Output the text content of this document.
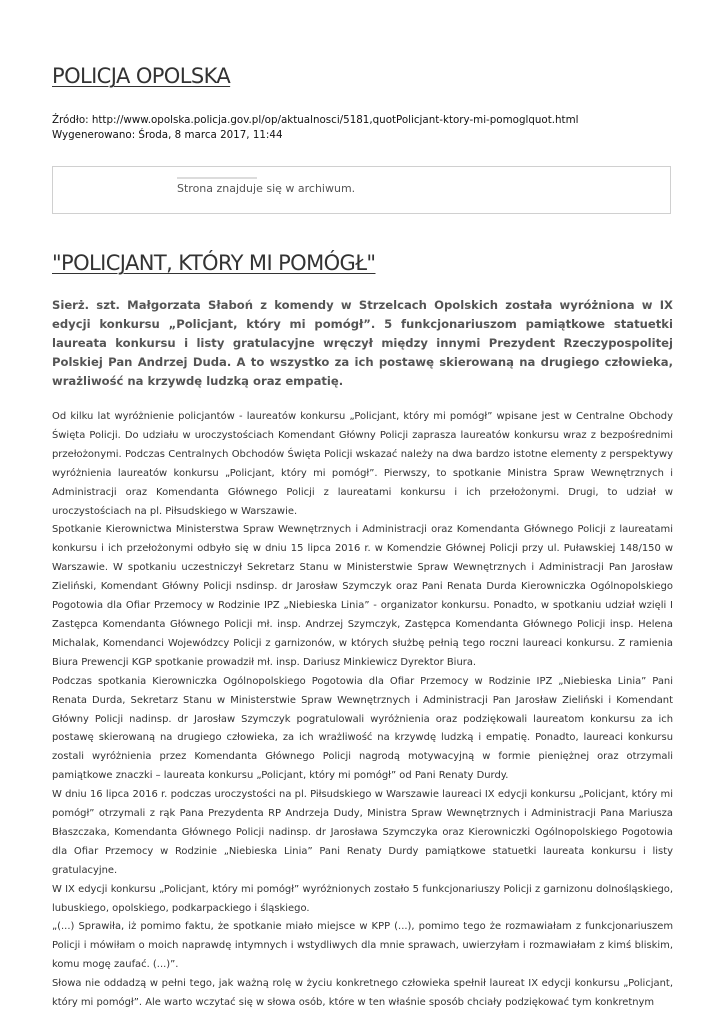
POLICJA OPOLSKA
Źródło: http://www.opolska.policja.gov.pl/op/aktualnosci/5181,quotPolicjant-ktory-mi-pomoglquot.html
Wygenerowano: Środa, 8 marca 2017, 11:44
Strona znajduje się w archiwum.
"POLICJANT, KTÓRY MI POMÓGŁ"

Sierż. szt. Małgorzata Słaboń z komendy w Strzelcach Opolskich została wyróżniona w IX edycji konkursu „Policjant, który mi pomógł”. 5 funkcjonariuszom pamiątkowe statuetki laureata konkursu i listy gratulacyjne wręczył między innymi Prezydent Rzeczypospolitej Polskiej Pan Andrzej Duda. A to wszystko za ich postawę skierowaną na drugiego człowieka, wrażliwość na krzywdę ludzką oraz empatię.

Od kilku lat wyróżnienie policjantów - laureatów konkursu „Policjant, który mi pomógł” wpisane jest w Centralne Obchody Święta Policji. Do udziału w uroczystościach Komendant Główny Policji zaprasza laureatów konkursu wraz z bezpośrednimi przełożonymi. Podczas Centralnych Obchodów Święta Policji wskazać należy na dwa bardzo istotne elementy z perspektywy wyróżnienia laureatów konkursu „Policjant, który mi pomógł”. Pierwszy, to spotkanie Ministra Spraw Wewnętrznych i Administracji oraz Komendanta Głównego Policji z laureatami konkursu i ich przełożonymi. Drugi, to udział w uroczystościach na pl. Piłsudskiego w Warszawie.

Spotkanie Kierownictwa Ministerstwa Spraw Wewnętrznych i Administracji oraz Komendanta Głównego Policji z laureatami konkursu i ich przełożonymi odbyło się w dniu 15 lipca 2016 r. w Komendzie Głównej Policji przy ul. Puławskiej 148/150 w Warszawie. W spotkaniu uczestniczył Sekretarz Stanu w Ministerstwie Spraw Wewnętrznych i Administracji Pan Jarosław Zieliński, Komendant Główny Policji nsdinsp. dr Jarosław Szymczyk oraz Pani Renata Durda Kierowniczka Ogólnopolskiego Pogotowia dla Ofiar Przemocy w Rodzinie IPZ „Niebieska Linia” - organizator konkursu. Ponadto, w spotkaniu udział wzięli I Zastępca Komendanta Głównego Policji mł. insp. Andrzej Szymczyk, Zastępca Komendanta Głównego Policji insp. Helena Michalak, Komendanci Wojewódzcy Policji z garnizonów, w których służbę pełnią tego roczni laureaci konkursu. Z ramienia Biura Prewencji KGP spotkanie prowadził mł. insp. Dariusz Minkiewicz Dyrektor Biura.

Podczas spotkania Kierowniczka Ogólnopolskiego Pogotowia dla Ofiar Przemocy w Rodzinie IPZ „Niebieska Linia” Pani Renata Durda, Sekretarz Stanu w Ministerstwie Spraw Wewnętrznych i Administracji Pan Jarosław Zieliński i Komendant Główny Policji nadinsp. dr Jarosław Szymczyk pogratulowali wyróżnienia oraz podziękowali laureatom konkursu za ich postawę skierowaną na drugiego człowieka, za ich wrażliwość na krzywdę ludzką i empatię. Ponadto, laureaci konkursu zostali wyróżnienia przez Komendanta Głównego Policji nagrodą motywacyjną w formie pieniężnej oraz otrzymali pamiątkowe znaczki – laureata konkursu „Policjant, który mi pomógł” od Pani Renaty Durdy.

W dniu 16 lipca 2016 r. podczas uroczystości na pl. Piłsudskiego w Warszawie laureaci IX edycji konkursu „Policjant, który mi pomógł” otrzymali z rąk Pana Prezydenta RP Andrzeja Dudy, Ministra Spraw Wewnętrznych i Administracji Pana Mariusza Błaszczaka, Komendanta Głównego Policji nadinsp. dr Jarosława Szymczyka oraz Kierowniczki Ogólnopolskiego Pogotowia dla Ofiar Przemocy w Rodzinie „Niebieska Linia” Pani Renaty Durdy pamiątkowe statuetki laureata konkursu i listy gratulacyjne.

W IX edycji konkursu „Policjant, który mi pomógł” wyróżnionych zostało 5 funkcjonariuszy Policji z garnizonu dolnośląskiego, lubuskiego, opolskiego, podkarpackiego i śląskiego.

„(...) Sprawiła, iż pomimo faktu, że spotkanie miało miejsce w KPP (...), pomimo tego że rozmawiałam z funkcjonariuszem Policji i mówiłam o moich naprawdę intymnych i wstydliwych dla mnie sprawach, uwierzyłam i rozmawiałam z kimś bliskim, komu mogę zaufać. (...)”.

Słowa nie oddadzą w pełni tego, jak ważną rolę w życiu konkretnego człowieka spełnił laureat IX edycji konkursu „Policjant, który mi pomógł”. Ale warto wczytać się w słowa osób, które w ten właśnie sposób chciały podziękować tym konkretnym
